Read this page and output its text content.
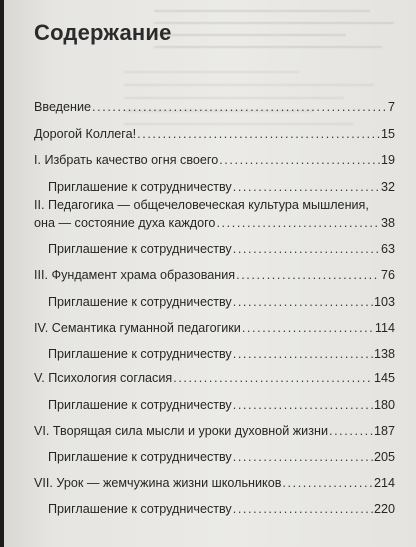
Содержание
Введение .....	7
Дорогой Коллега! .....	15
I. Избрать качество огня своего .....	19
Приглашение к сотрудничеству .....	32
II. Педагогика — общечеловеческая культура мышления,
она — состояние духа каждого .....	38
Приглашение к сотрудничеству .....	63
III. Фундамент храма образования .....	76
Приглашение к сотрудничеству .....	103
IV. Семантика гуманной педагогики .....	114
Приглашение к сотрудничеству .....	138
V. Психология согласия .....	145
Приглашение к сотрудничеству .....	180
VI. Творящая сила мысли и уроки духовной жизни .....	187
Приглашение к сотрудничеству .....	205
VII. Урок — жемчужина жизни школьников .....	214
Приглашение к сотрудничеству .....	220
